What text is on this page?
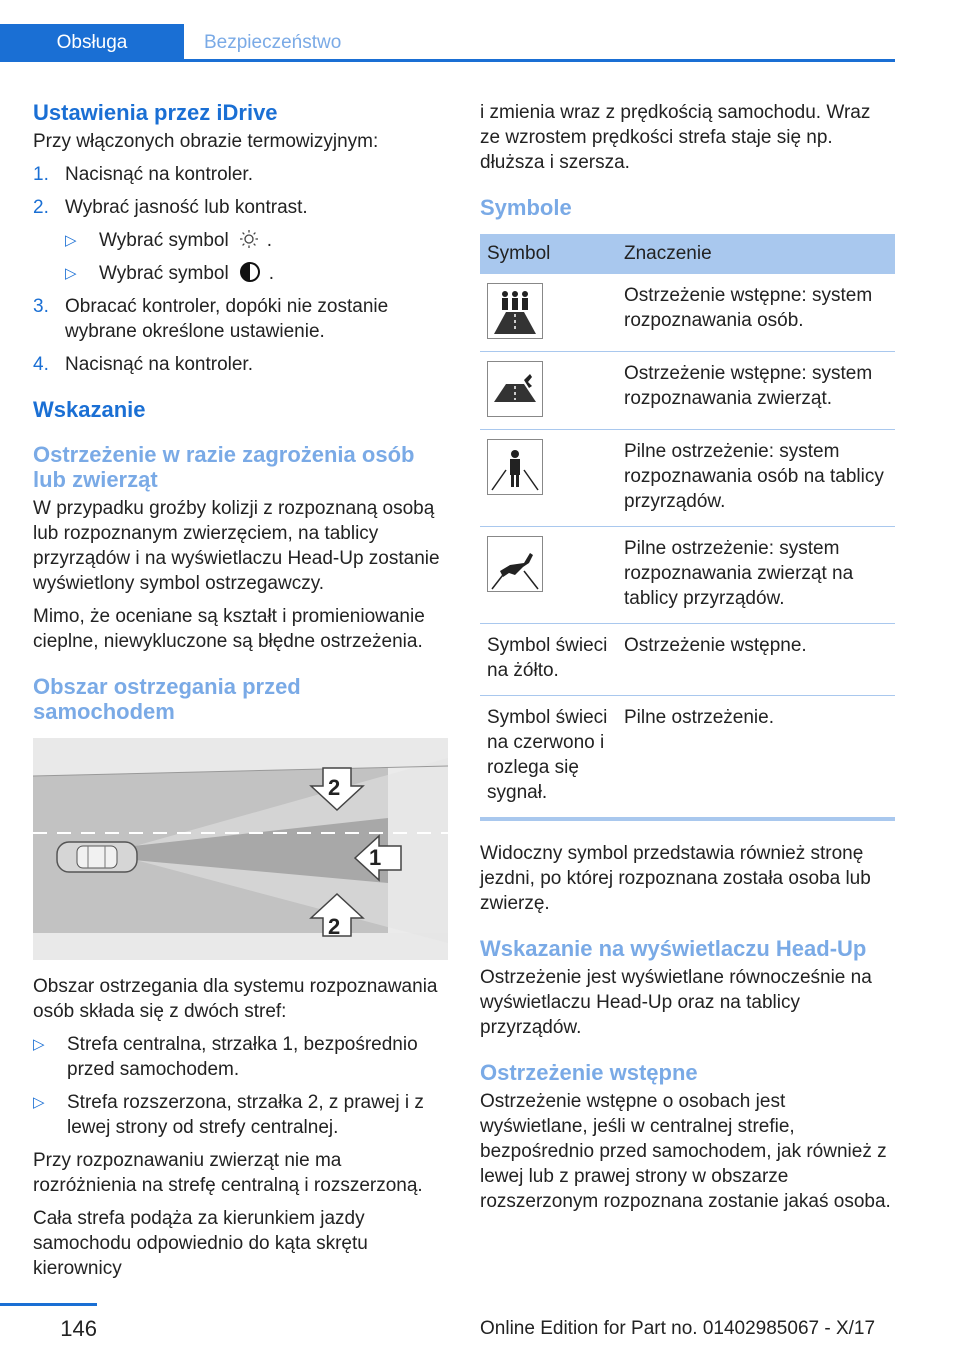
Obsługa	Bezpieczeństwo
Ustawienia przez iDrive

Przy włączonych obrazie termowizyjnym:

1. Nacisnąć na kontroler.
2. Wybrać jasność lub kontrast.
▷	Wybrać symbol .
▷	Wybrać symbol .
3. Obracać kontroler, dopóki nie zostanie wybrane określone ustawienie.
4. Nacisnąć na kontroler.
Wskazanie
Ostrzeżenie w razie zagrożenia osób lub zwierząt

W przypadku groźby kolizji z rozpoznaną osobą lub rozpoznanym zwierzęciem, na tablicy przyrządów i na wyświetlaczu Head-Up zostanie wyświetlony symbol ostrzegawczy.

Mimo, że oceniane są kształt i promieniowanie cieplne, niewykluczone są błędne ostrzeżenia.

Obszar ostrzegania przed samochodem
2
1
2

Obszar ostrzegania dla systemu rozpoznawania osób składa się z dwóch stref:

▷	Strefa centralna, strzałka 1, bezpośrednio przed samochodem.
▷	Strefa rozszerzona, strzałka 2, z prawej i z lewej strony od strefy centralnej.

Przy rozpoznawaniu zwierząt nie ma rozróżnienia na strefę centralną i rozszerzoną.

Cała strefa podąża za kierunkiem jazdy samochodu odpowiednio do kąta skrętu kierownicy

i zmienia wraz z prędkością samochodu. Wraz ze wzrostem prędkości strefa staje się np. dłuższa i szersza.

Symbole
Symbol	Znaczenie

	Ostrzeżenie wstępne: system rozpoznawania osób.

	Ostrzeżenie wstępne: system rozpoznawania zwierząt.

	Pilne ostrzeżenie: system rozpoznawania osób na tablicy przyrządów.

	Pilne ostrzeżenie: system rozpoznawania zwierząt na tablicy przyrządów.
Symbol świeci na żółto.	Ostrzeżenie wstępne.
Symbol świeci na czerwono i rozlega się sygnał.	Pilne ostrzeżenie.

Widoczny symbol przedstawia również stronę jezdni, po której rozpoznana została osoba lub zwierzę.

Wskazanie na wyświetlaczu Head-Up

Ostrzeżenie jest wyświetlane równocześnie na wyświetlaczu Head-Up oraz na tablicy przyrządów.

Ostrzeżenie wstępne

Ostrzeżenie wstępne o osobach jest wyświetlane, jeśli w centralnej strefie, bezpośrednio przed samochodem, jak również z lewej lub z prawej strony w obszarze rozszerzonym rozpoznana zostanie jakaś osoba.

146	Online Edition for Part no. 01402985067 - X/17
